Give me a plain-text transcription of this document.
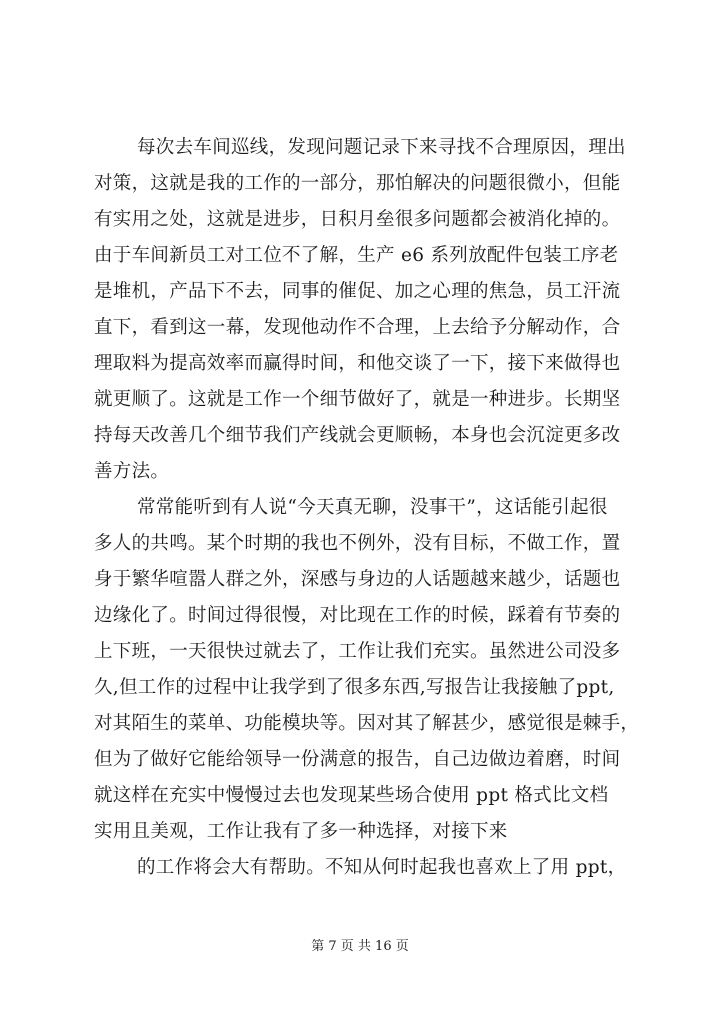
每次去车间巡线，发现问题记录下来寻找不合理原因，理出
对策，这就是我的工作的一部分，那怕解决的问题很微小，但能
有实用之处，这就是进步，日积月垒很多问题都会被消化掉的。
由于车间新员工对工位不了解，生产 e6 系列放配件包装工序老
是堆机，产品下不去，同事的催促、加之心理的焦急，员工汗流
直下，看到这一幕，发现他动作不合理，上去给予分解动作，合
理取料为提高效率而赢得时间，和他交谈了一下，接下来做得也
就更顺了。这就是工作一个细节做好了，就是一种进步。长期坚
持每天改善几个细节我们产线就会更顺畅，本身也会沉淀更多改
善方法。
常常能听到有人说“今天真无聊，没事干”，这话能引起很
多人的共鸣。某个时期的我也不例外，没有目标，不做工作，置
身于繁华喧嚣人群之外，深感与身边的人话题越来越少，话题也
边缘化了。时间过得很慢，对比现在工作的时候，踩着有节奏的
上下班，一天很快过就去了，工作让我们充实。虽然进公司没多
久,但工作的过程中让我学到了很多东西,写报告让我接触了ppt,
对其陌生的菜单、功能模块等。因对其了解甚少，感觉很是棘手，
但为了做好它能给领导一份满意的报告，自己边做边着磨，时间
就这样在充实中慢慢过去也发现某些场合使用 ppt 格式比文档
实用且美观，工作让我有了多一种选择，对接下来
的工作将会大有帮助。不知从何时起我也喜欢上了用 ppt，
第 7 页 共 16 页
